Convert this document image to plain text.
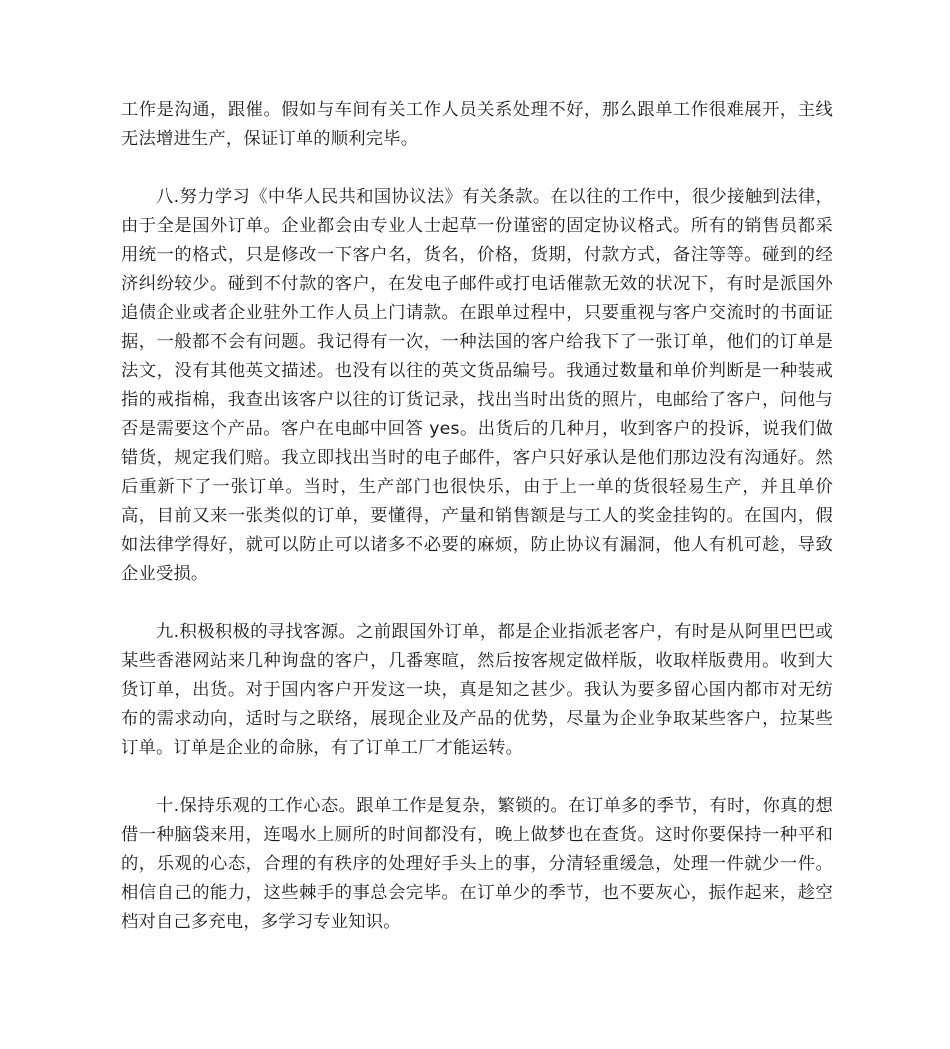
工作是沟通，跟催。假如与车间有关工作人员关系处理不好，那么跟单工作很难展开，主线无法增进生产，保证订单的顺利完毕。

八.努力学习《中华人民共和国协议法》有关条款。在以往的工作中，很少接触到法律，由于全是国外订单。企业都会由专业人士起草一份谨密的固定协议格式。所有的销售员都采用统一的格式，只是修改一下客户名，货名，价格，货期，付款方式，备注等等。碰到的经济纠纷较少。碰到不付款的客户，在发电子邮件或打电话催款无效的状况下，有时是派国外追债企业或者企业驻外工作人员上门请款。在跟单过程中，只要重视与客户交流时的书面证据，一般都不会有问题。我记得有一次，一种法国的客户给我下了一张订单，他们的订单是法文，没有其他英文描述。也没有以往的英文货品编号。我通过数量和单价判断是一种装戒指的戒指棉，我查出该客户以往的订货记录，找出当时出货的照片，电邮给了客户，问他与否是需要这个产品。客户在电邮中回答 yes。出货后的几种月，收到客户的投诉，说我们做错货，规定我们赔。我立即找出当时的电子邮件，客户只好承认是他们那边没有沟通好。然后重新下了一张订单。当时，生产部门也很快乐，由于上一单的货很轻易生产，并且单价高，目前又来一张类似的订单，要懂得，产量和销售额是与工人的奖金挂钩的。在国内，假如法律学得好，就可以防止可以诸多不必要的麻烦，防止协议有漏洞，他人有机可趁，导致企业受损。

九.积极积极的寻找客源。之前跟国外订单，都是企业指派老客户，有时是从阿里巴巴或某些香港网站来几种询盘的客户，几番寒暄，然后按客规定做样版，收取样版费用。收到大货订单，出货。对于国内客户开发这一块，真是知之甚少。我认为要多留心国内都市对无纺布的需求动向，适时与之联络，展现企业及产品的优势，尽量为企业争取某些客户，拉某些订单。订单是企业的命脉，有了订单工厂才能运转。

十.保持乐观的工作心态。跟单工作是复杂，繁锁的。在订单多的季节，有时，你真的想借一种脑袋来用，连喝水上厕所的时间都没有，晚上做梦也在查货。这时你要保持一种平和的，乐观的心态，合理的有秩序的处理好手头上的事，分清轻重缓急，处理一件就少一件。相信自己的能力，这些棘手的事总会完毕。在订单少的季节，也不要灰心，振作起来，趁空档对自己多充电，多学习专业知识。
